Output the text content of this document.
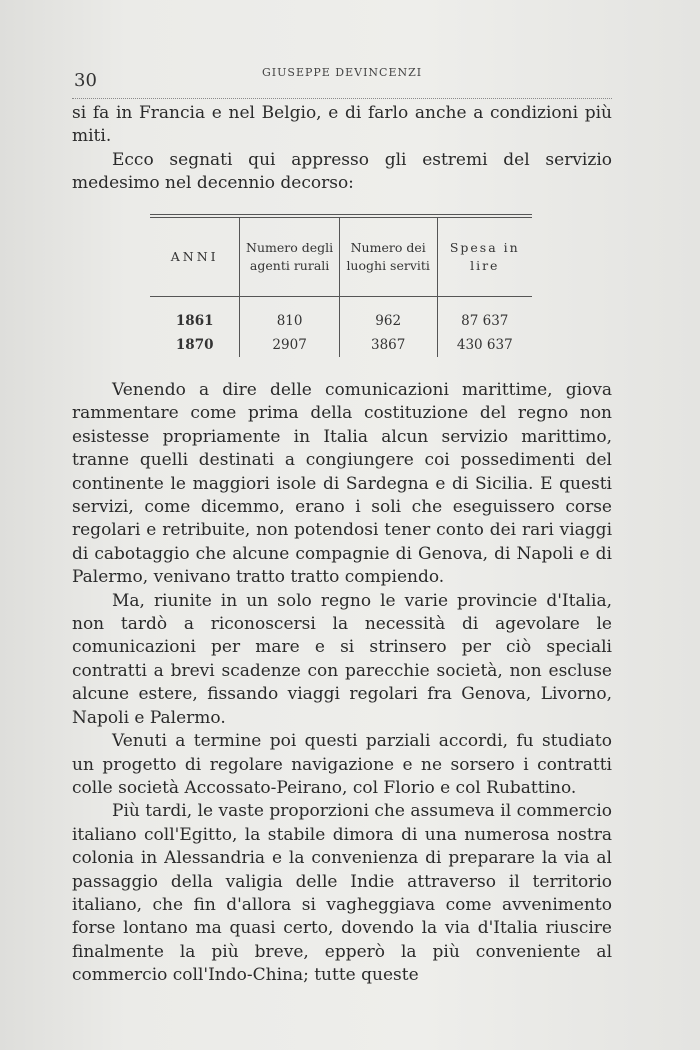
30	GIUSEPPE DEVINCENZI

si fa in Francia e nel Belgio, e di farlo anche a condizioni più miti.

Ecco segnati qui appresso gli estremi del servizio medesimo nel decennio decorso:

ANNI	Numero degli agenti rurali	Numero dei luoghi serviti	Spesa in lire
1861	810	962	87 637
1870	2907	3867	430 637

Venendo a dire delle comunicazioni marittime, giova rammentare come prima della costituzione del regno non esistesse propriamente in Italia alcun servizio marittimo, tranne quelli destinati a congiungere coi possedimenti del continente le maggiori isole di Sardegna e di Sicilia. E questi servizi, come dicemmo, erano i soli che eseguissero corse regolari e retribuite, non potendosi tener conto dei rari viaggi di cabotaggio che alcune compagnie di Genova, di Napoli e di Palermo, venivano tratto tratto compiendo.

Ma, riunite in un solo regno le varie provincie d'Italia, non tardò a riconoscersi la necessità di agevolare le comunicazioni per mare e si strinsero per ciò speciali contratti a brevi scadenze con parecchie società, non escluse alcune estere, fissando viaggi regolari fra Genova, Livorno, Napoli e Palermo.

Venuti a termine poi questi parziali accordi, fu studiato un progetto di regolare navigazione e ne sorsero i contratti colle società Accossato-Peirano, col Florio e col Rubattino.

Più tardi, le vaste proporzioni che assumeva il commercio italiano coll'Egitto, la stabile dimora di una numerosa nostra colonia in Alessandria e la convenienza di preparare la via al passaggio della valigia delle Indie attraverso il territorio italiano, che fin d'allora si vagheggiava come avvenimento forse lontano ma quasi certo, dovendo la via d'Italia riuscire finalmente la più breve, epperò la più conveniente al commercio coll'Indo-China; tutte queste
